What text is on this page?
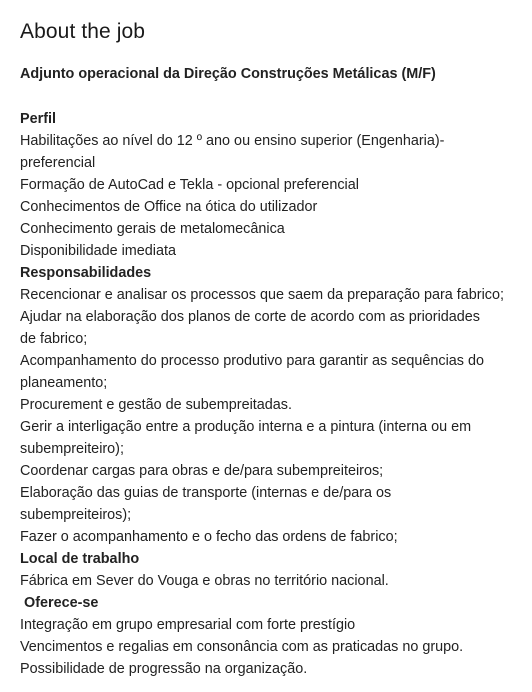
About the job
Adjunto operacional da Direção Construções Metálicas (M/F)
Perfil
Habilitações ao nível do 12 º ano ou ensino superior (Engenharia)-
preferencial
Formação de AutoCad e Tekla - opcional preferencial
Conhecimentos de Office na ótica do utilizador
Conhecimento gerais de metalomecânica
Disponibilidade imediata
Responsabilidades
Recencionar e analisar os processos que saem da preparação para fabrico;
Ajudar na elaboração dos planos de corte de acordo com as prioridades
de fabrico;
Acompanhamento do processo produtivo para garantir as sequências do
planeamento;
Procurement e gestão de subempreitadas.
Gerir a interligação entre a produção interna e a pintura (interna ou em
subempreiteiro);
Coordenar cargas para obras e de/para subempreiteiros;
Elaboração das guias de transporte (internas e de/para os
subempreiteiros);
Fazer o acompanhamento e o fecho das ordens de fabrico;
Local de trabalho
Fábrica em Sever do Vouga e obras no território nacional.
Oferece-se
Integração em grupo empresarial com forte prestígio
Vencimentos e regalias em consonância com as praticadas no grupo.
Possibilidade de progressão na organização.
